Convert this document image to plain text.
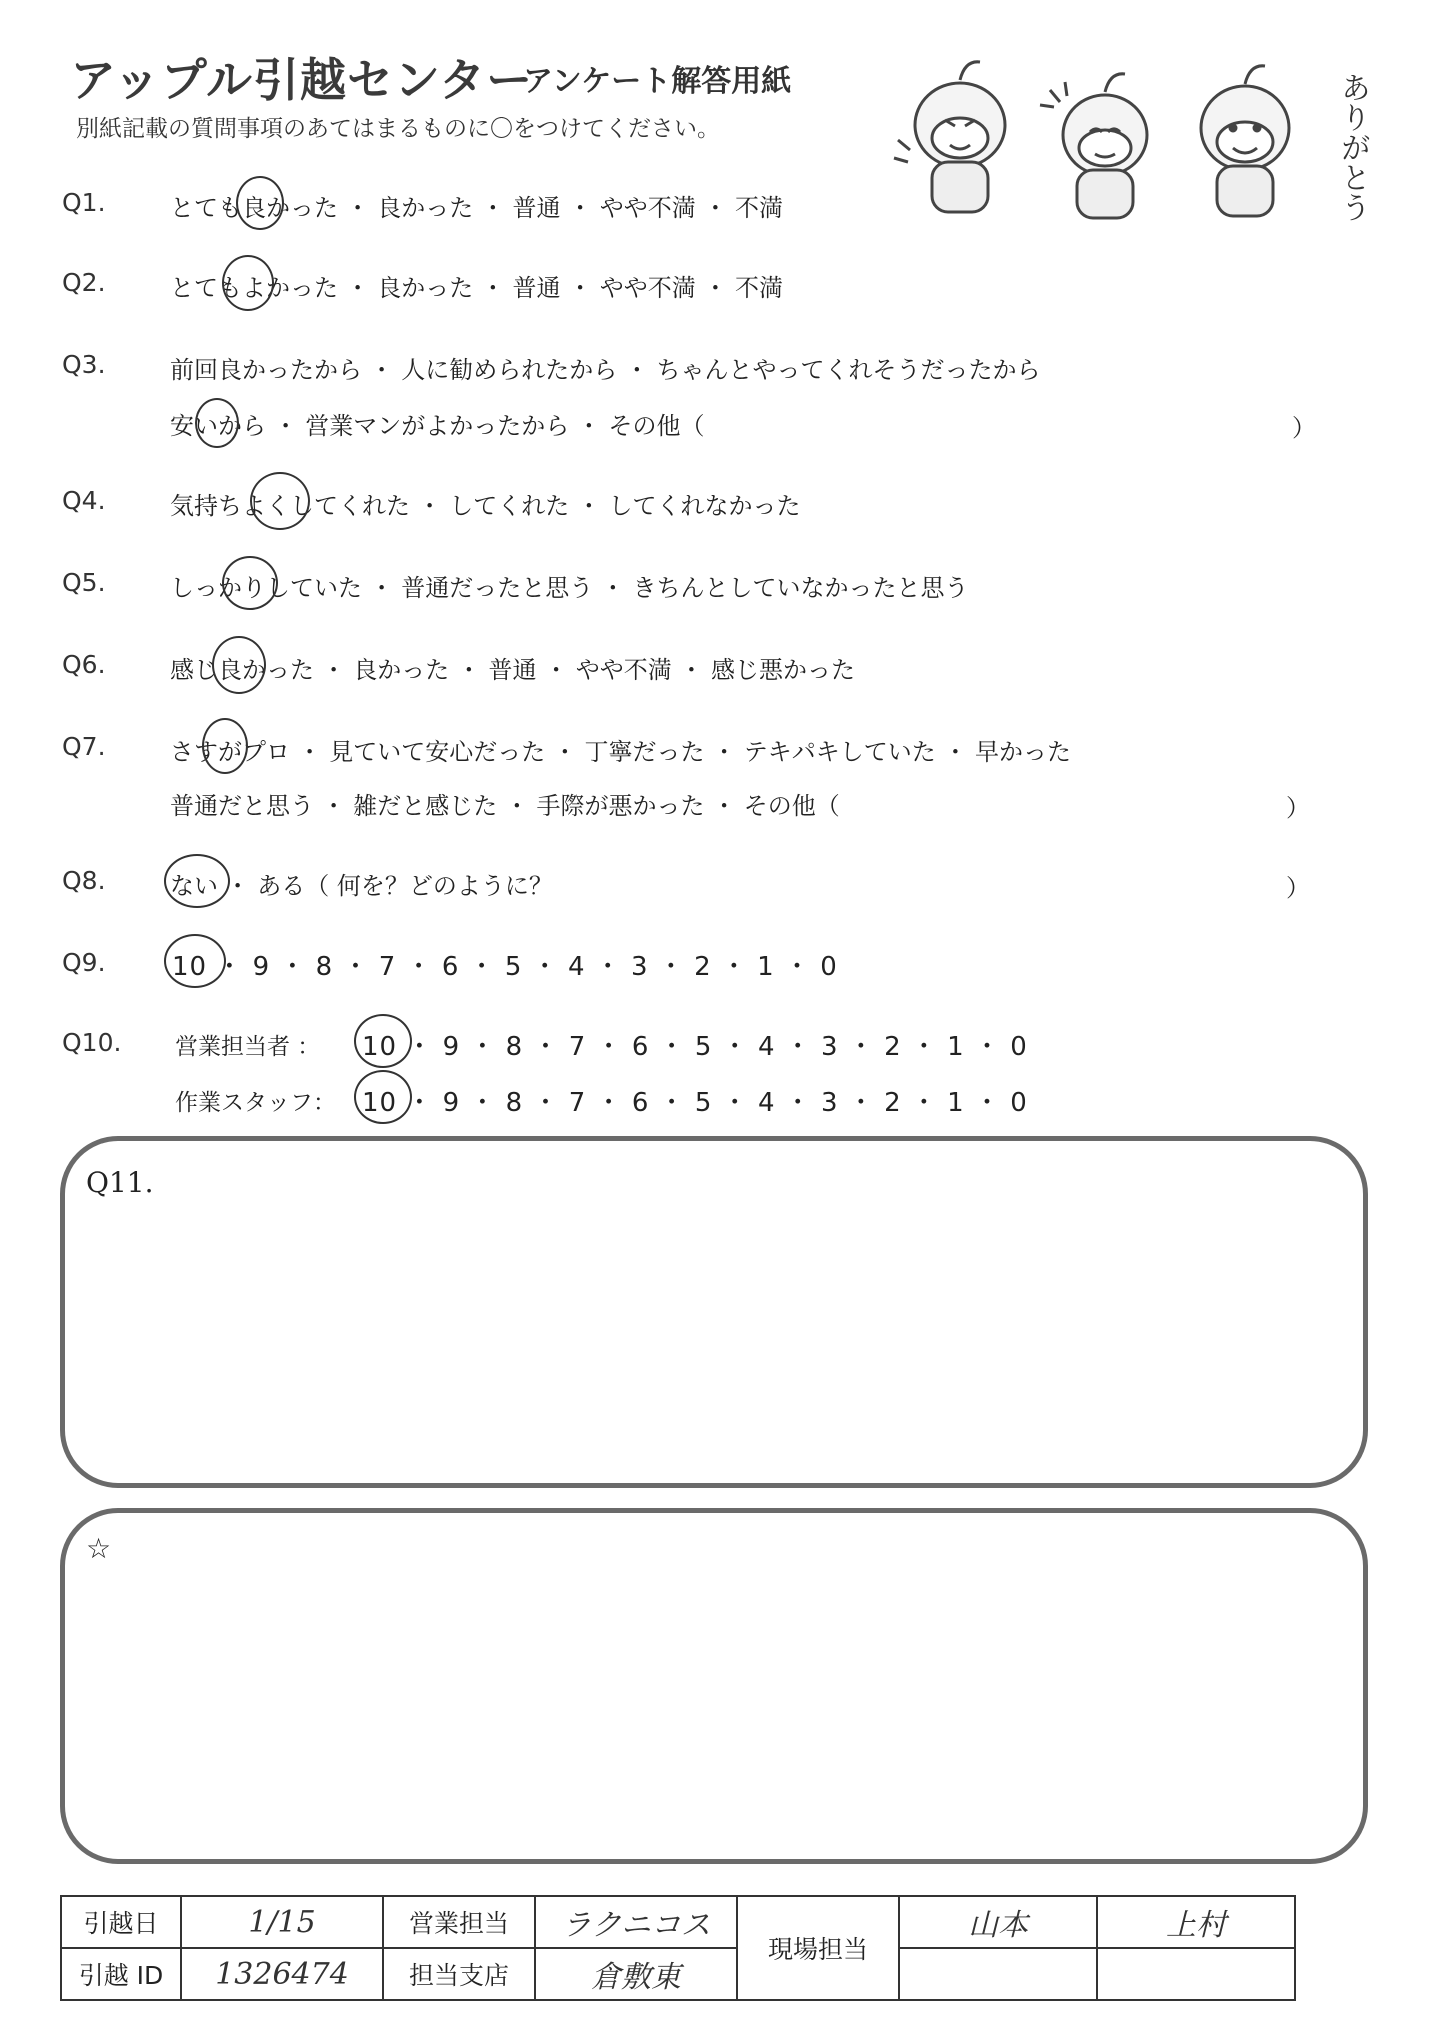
アップル引越センター
アンケート解答用紙
別紙記載の質問事項のあてはまるものに〇をつけてください。	ありがとう
Q1.	とても良かった ・ 良かった ・ 普通 ・ やや不満 ・ 不満
Q2.	とてもよかった ・ 良かった ・ 普通 ・ やや不満 ・ 不満
Q3.	前回良かったから ・ 人に勧められたから ・ ちゃんとやってくれそうだったから
安いから ・ 営業マンがよかったから ・ その他（	）
Q4.	気持ちよくしてくれた ・ してくれた ・ してくれなかった
Q5.	しっかりしていた ・ 普通だったと思う ・ きちんとしていなかったと思う
Q6.	感じ良かった ・ 良かった ・ 普通 ・ やや不満 ・ 感じ悪かった
Q7.	さすがプロ ・ 見ていて安心だった ・ 丁寧だった ・ テキパキしていた ・ 早かった
普通だと思う ・ 雑だと感じた ・ 手際が悪かった ・ その他（	）
Q8.	ない ・ ある（ 何を？どのように？	）
Q9.	10 ・ 9 ・ 8 ・ 7 ・ 6 ・ 5 ・ 4 ・ 3 ・ 2 ・ 1 ・ 0
Q10. 営業担当者 ： 10 ・ 9 ・ 8 ・ 7 ・ 6 ・ 5 ・ 4 ・ 3 ・ 2 ・ 1 ・ 0
作業スタッフ： 10 ・ 9 ・ 8 ・ 7 ・ 6 ・ 5 ・ 4 ・ 3 ・ 2 ・ 1 ・ 0
Q11.
☆
引越日	1/15	営業担当	ラクニコス	現場担当	山本	上村
引越 ID	1326474	担当支店	倉敷東			
